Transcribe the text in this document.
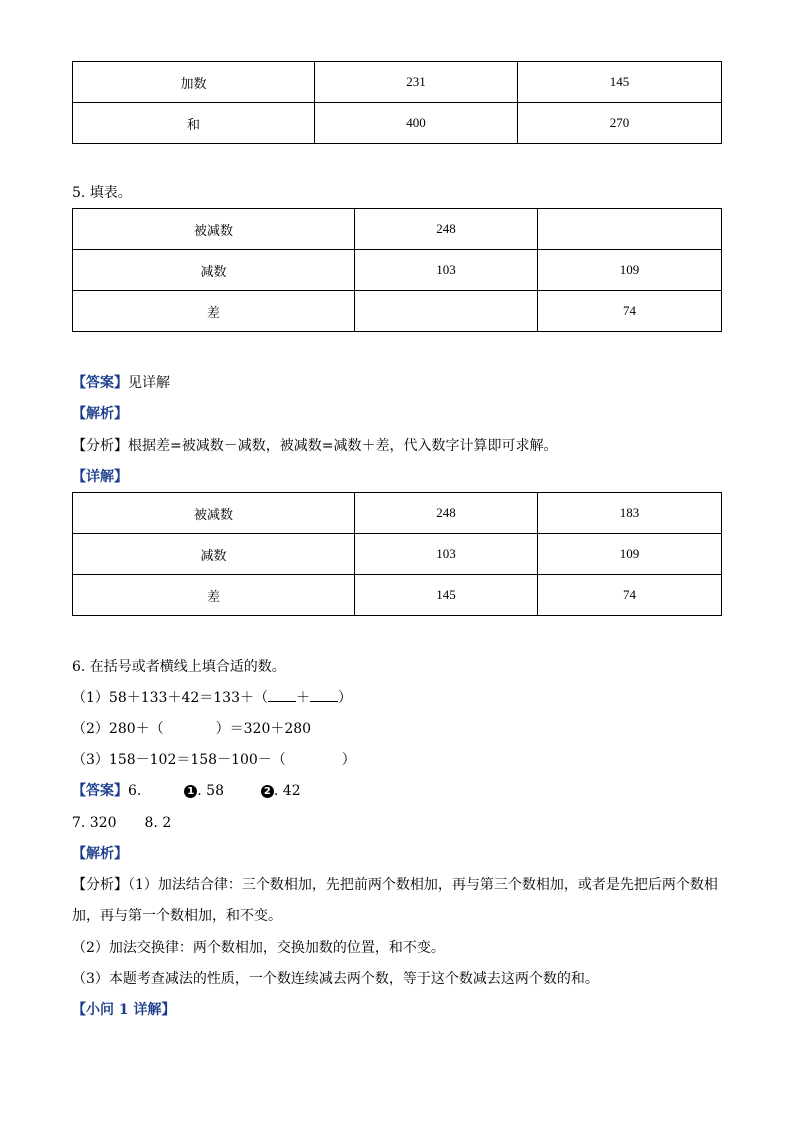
加数	231	145
和	400	270
5. 填表。
被减数	248	
减数	103	109
差		74
【答案】见详解
【解析】
【分析】根据差=被减数－减数，被减数=减数＋差，代入数字计算即可求解。
【详解】
被减数	248	183
减数	103	109
差	145	74
6. 在括号或者横线上填合适的数。
（1）58＋133＋42＝133＋（ ＋ ）
（2）280＋（	）＝320＋280
（3）158－102＝158－100－（	）
【答案】6.	1 . 58	2 . 42
7. 320　　8. 2
【解析】
【分析】（1）加法结合律：三个数相加，先把前两个数相加，再与第三个数相加，或者是先把后两个数相
加，再与第一个数相加，和不变。
（2）加法交换律：两个数相加，交换加数的位置，和不变。
（3）本题考查减法的性质，一个数连续减去两个数，等于这个数减去这两个数的和。
【小问 1 详解】
